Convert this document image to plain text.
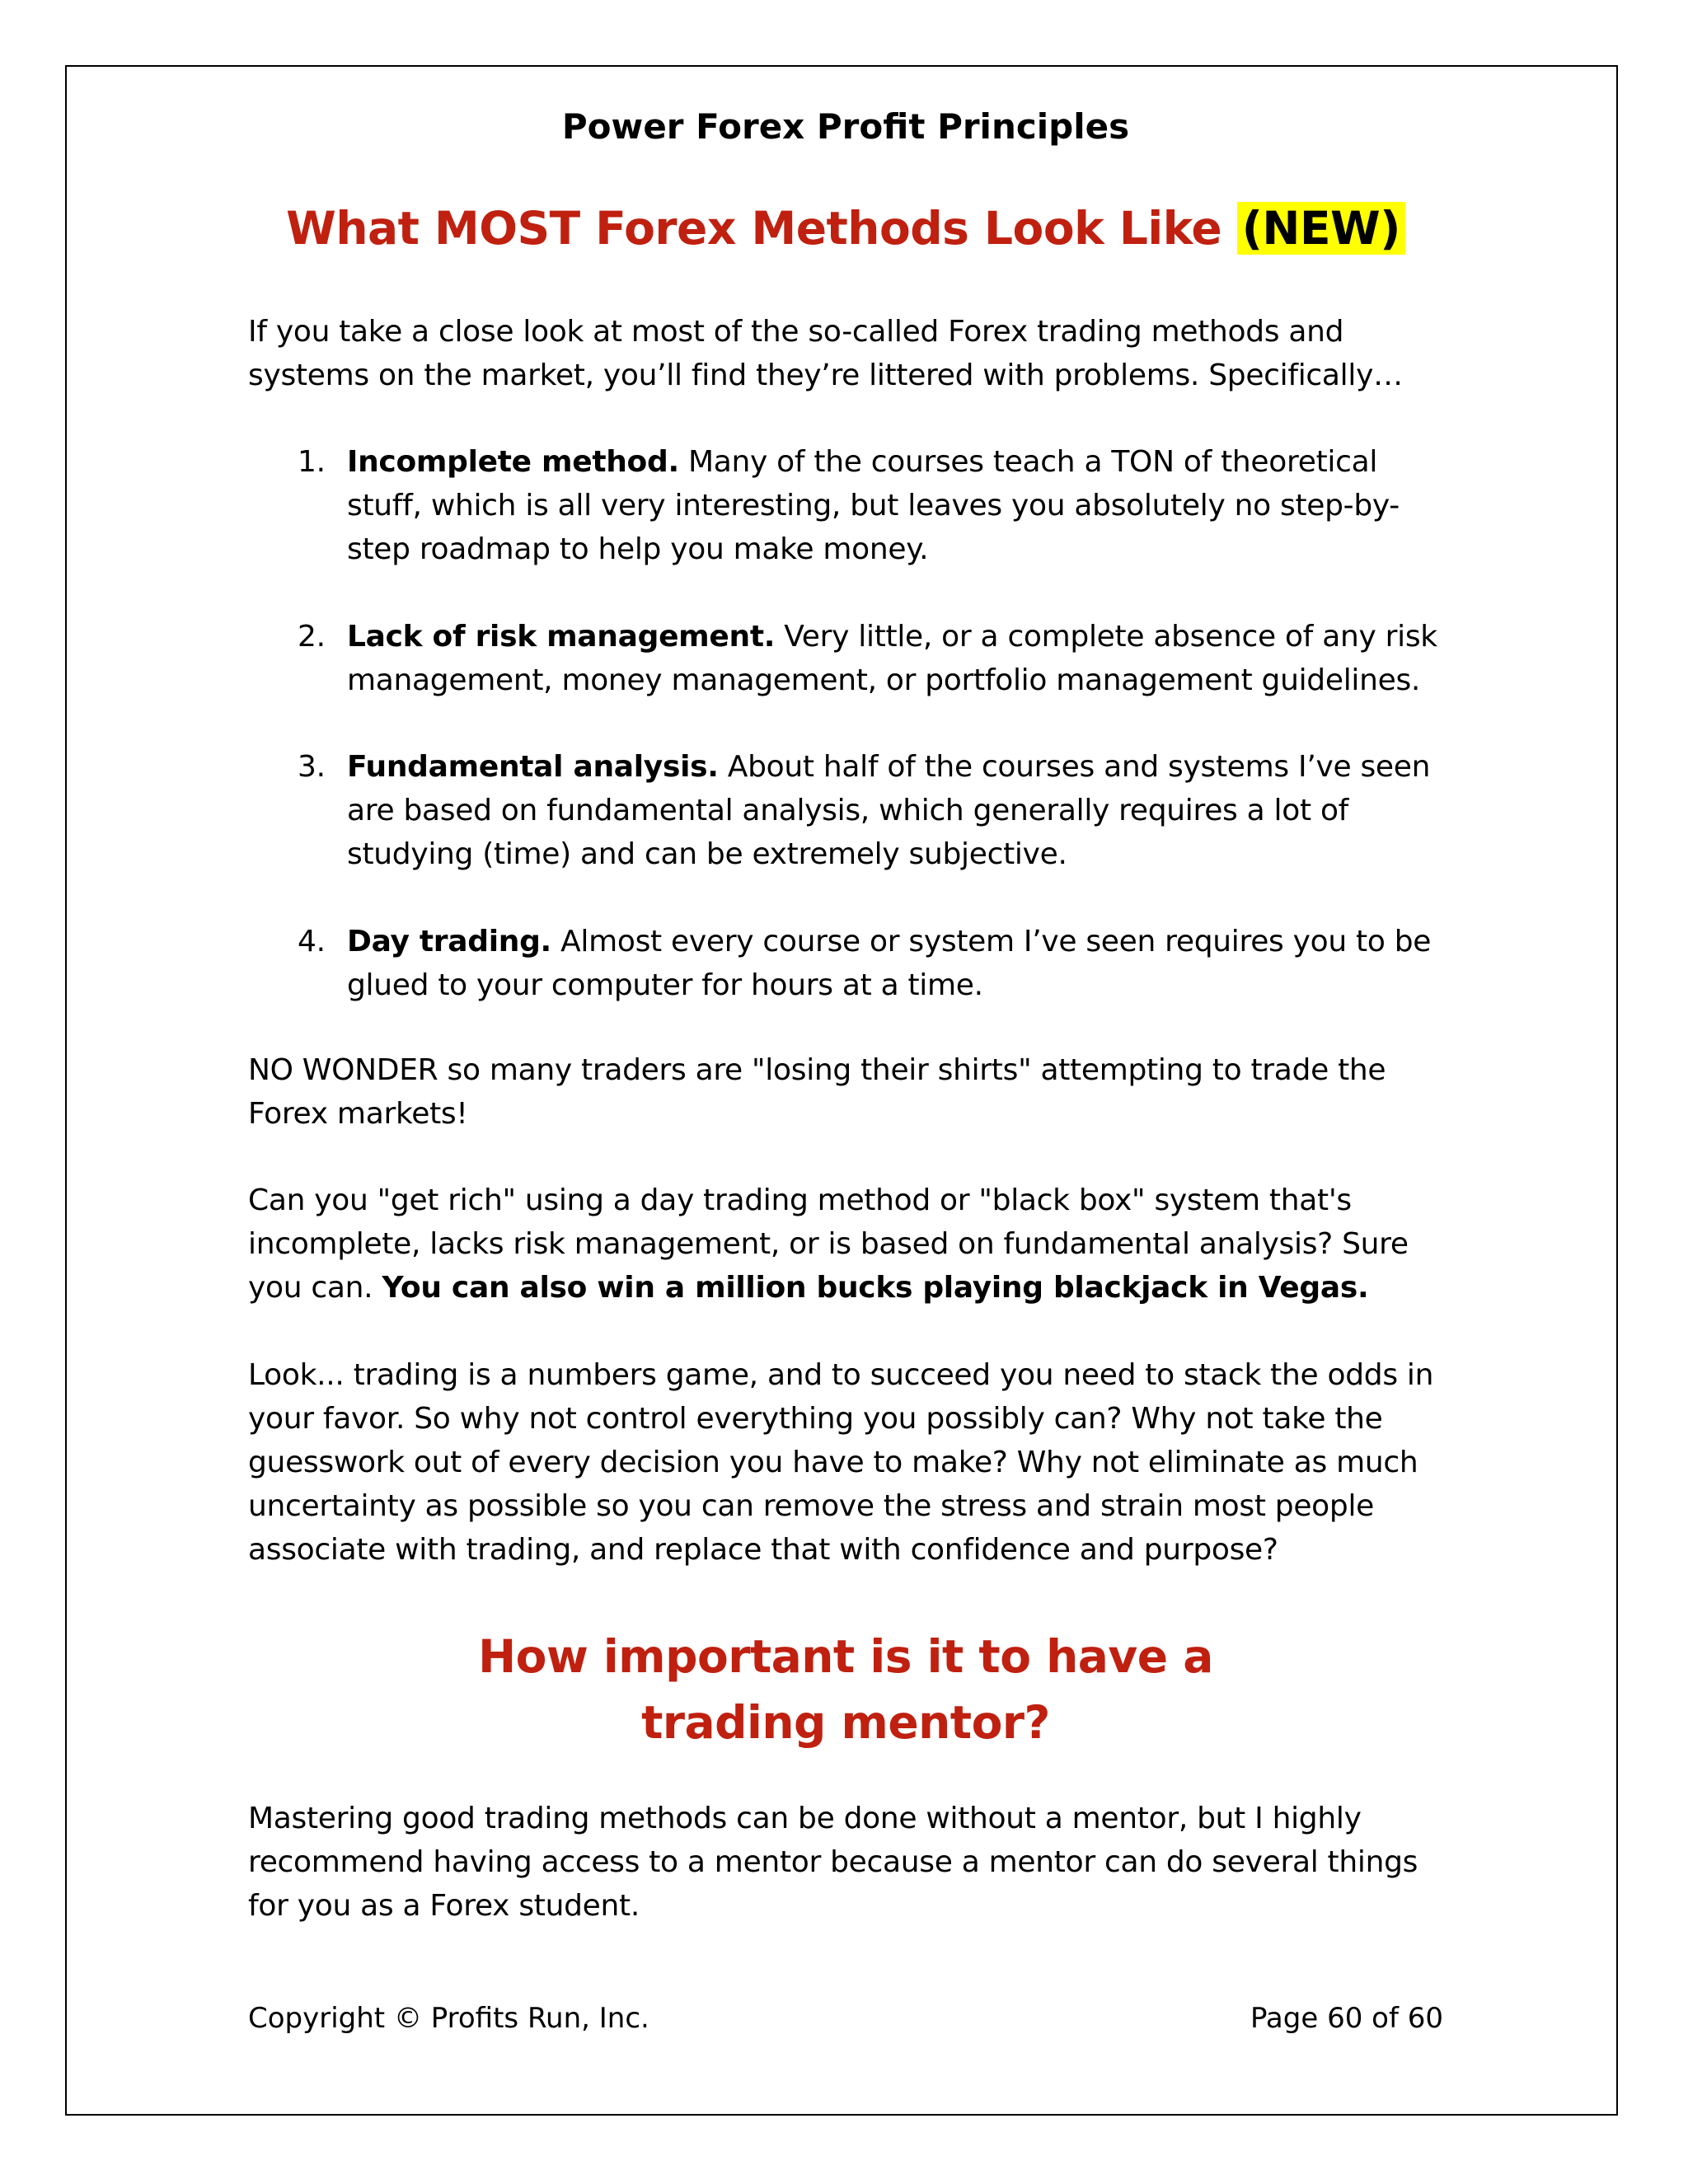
Power Forex Profit Principles
What MOST Forex Methods Look Like (NEW)
If you take a close look at most of the so-called Forex trading methods and systems on the market, you’ll find they’re littered with problems. Specifically…
1. Incomplete method. Many of the courses teach a TON of theoretical stuff, which is all very interesting, but leaves you absolutely no step-by-step roadmap to help you make money.
2. Lack of risk management. Very little, or a complete absence of any risk management, money management, or portfolio management guidelines.
3. Fundamental analysis. About half of the courses and systems I’ve seen are based on fundamental analysis, which generally requires a lot of studying (time) and can be extremely subjective.
4. Day trading. Almost every course or system I’ve seen requires you to be glued to your computer for hours at a time.
NO WONDER so many traders are "losing their shirts" attempting to trade the Forex markets!
Can you "get rich" using a day trading method or "black box" system that's incomplete, lacks risk management, or is based on fundamental analysis? Sure you can. You can also win a million bucks playing blackjack in Vegas.
Look... trading is a numbers game, and to succeed you need to stack the odds in your favor. So why not control everything you possibly can? Why not take the guesswork out of every decision you have to make? Why not eliminate as much uncertainty as possible so you can remove the stress and strain most people associate with trading, and replace that with confidence and purpose?
How important is it to have a
trading mentor?
Mastering good trading methods can be done without a mentor, but I highly recommend having access to a mentor because a mentor can do several things for you as a Forex student.
Copyright © Profits Run, Inc.	Page 60 of 60
